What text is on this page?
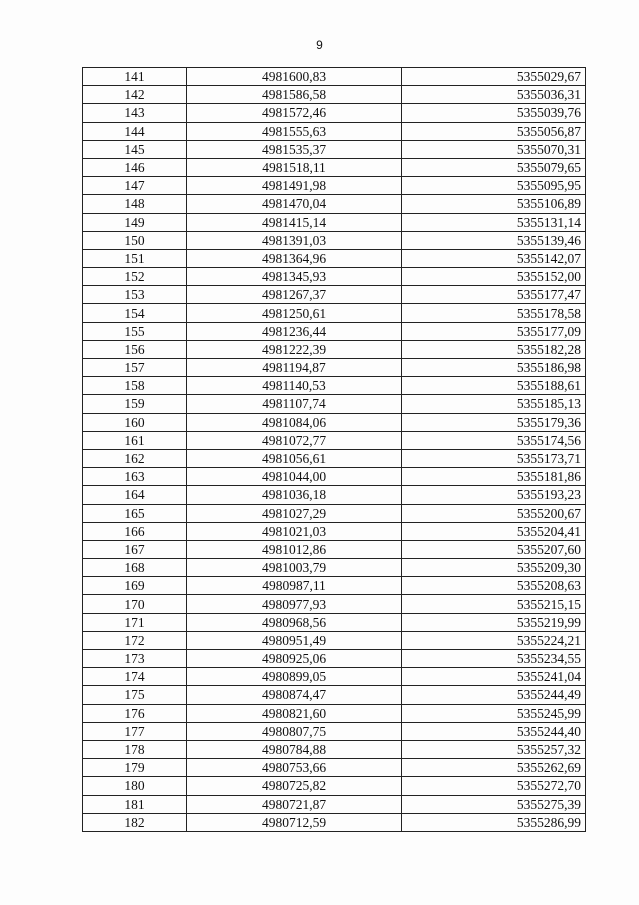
9
141	4981600,83	5355029,67
142	4981586,58	5355036,31
143	4981572,46	5355039,76
144	4981555,63	5355056,87
145	4981535,37	5355070,31
146	4981518,11	5355079,65
147	4981491,98	5355095,95
148	4981470,04	5355106,89
149	4981415,14	5355131,14
150	4981391,03	5355139,46
151	4981364,96	5355142,07
152	4981345,93	5355152,00
153	4981267,37	5355177,47
154	4981250,61	5355178,58
155	4981236,44	5355177,09
156	4981222,39	5355182,28
157	4981194,87	5355186,98
158	4981140,53	5355188,61
159	4981107,74	5355185,13
160	4981084,06	5355179,36
161	4981072,77	5355174,56
162	4981056,61	5355173,71
163	4981044,00	5355181,86
164	4981036,18	5355193,23
165	4981027,29	5355200,67
166	4981021,03	5355204,41
167	4981012,86	5355207,60
168	4981003,79	5355209,30
169	4980987,11	5355208,63
170	4980977,93	5355215,15
171	4980968,56	5355219,99
172	4980951,49	5355224,21
173	4980925,06	5355234,55
174	4980899,05	5355241,04
175	4980874,47	5355244,49
176	4980821,60	5355245,99
177	4980807,75	5355244,40
178	4980784,88	5355257,32
179	4980753,66	5355262,69
180	4980725,82	5355272,70
181	4980721,87	5355275,39
182	4980712,59	5355286,99
